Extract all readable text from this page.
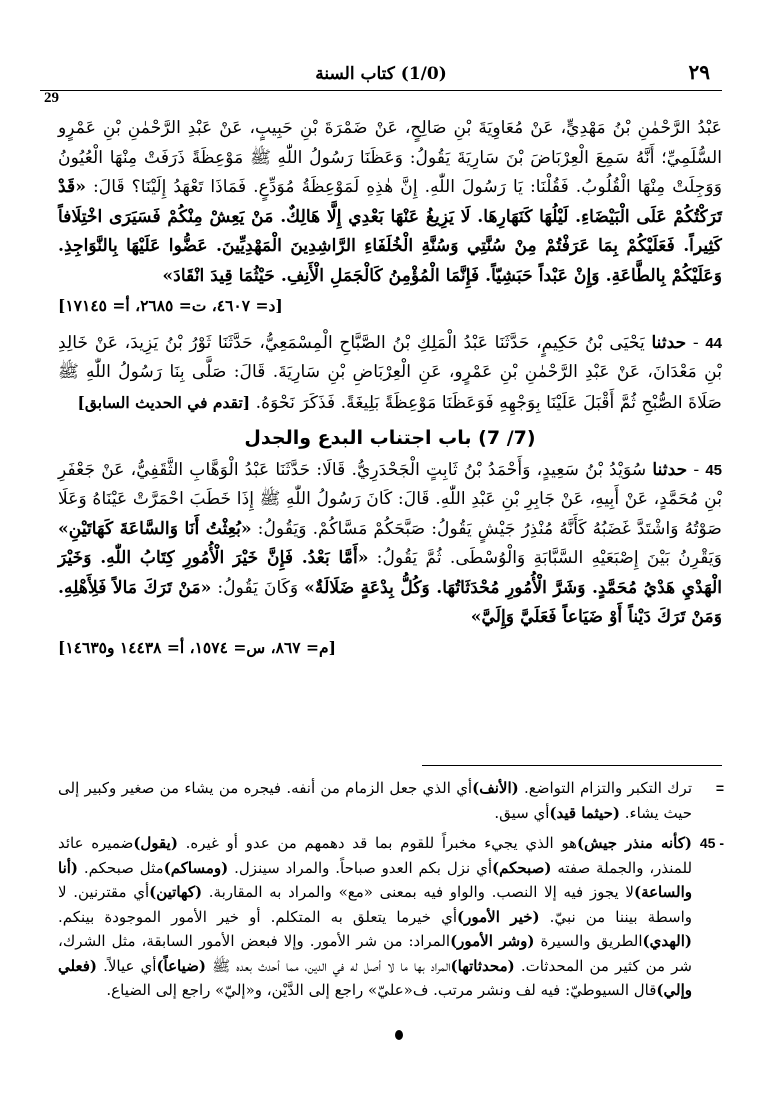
٢٩
(1/0) كتاب السنة
29

عَبْدُ الرَّحْمٰنِ بْنُ مَهْدِيٍّ، عَنْ مُعَاوِيَةَ بْنِ صَالِحٍ، عَنْ ضَمْرَةَ بْنِ حَبِيبٍ، عَنْ عَبْدِ الرَّحْمٰنِ بْنِ عَمْرٍو السُّلَمِيِّ؛ أَنَّهُ سَمِعَ الْعِرْبَاضَ بْنَ سَارِيَةَ يَقُولُ: وَعَظَنَا رَسُولُ اللّٰهِ ﷺ مَوْعِظَةً ذَرَفَتْ مِنْهَا الْعُيُونُ وَوَجِلَتْ مِنْهَا الْقُلُوبُ. فَقُلْنَا: يَا رَسُولَ اللّٰهِ. إِنَّ هٰذِهِ لَمَوْعِظَةُ مُوَدِّعٍ. فَمَاذَا تَعْهَدُ إِلَيْنَا؟ قَالَ: «قَدْ تَرَكْتُكُمْ عَلَى الْبَيْضَاءِ. لَيْلُهَا كَنَهَارِهَا. لَا يَزِيغُ عَنْهَا بَعْدِي إِلَّا هَالِكٌ. مَنْ يَعِشْ مِنْكُمْ فَسَيَرَى اخْتِلَافاً كَثِيراً. فَعَلَيْكُمْ بِمَا عَرَفْتُمْ مِنْ سُنَّتِي وَسُنَّةِ الْخُلَفَاءِ الرَّاشِدِينَ الْمَهْدِيِّينَ. عَضُّوا عَلَيْهَا بِالنَّوَاجِذِ. وَعَلَيْكُمْ بِالطَّاعَةِ. وَإِنْ عَبْداً حَبَشِيّاً. فَإِنَّمَا الْمُؤْمِنُ كَالْجَمَلِ الْأَنِفِ. حَيْثُمَا قِيدَ انْقَادَ»
[د= ٤٦٠٧، ت= ٢٦٨٥، أ= ١٧١٤٥]

44 - حدثنا يَحْيَى بْنُ حَكِيمٍ، حَدَّثَنَا عَبْدُ الْمَلِكِ بْنُ الصَّبَّاحِ الْمِسْمَعِيُّ، حَدَّثَنَا ثَوْرُ بْنُ يَزِيدَ، عَنْ خَالِدِ بْنِ مَعْدَانَ، عَنْ عَبْدِ الرَّحْمٰنِ بْنِ عَمْرٍو، عَنِ الْعِرْبَاضِ بْنِ سَارِيَةَ. قَالَ: صَلَّى بِنَا رَسُولُ اللّٰهِ ﷺ صَلَاةَ الصُّبْحِ ثُمَّ أَقْبَلَ عَلَيْنَا بِوَجْهِهِ فَوَعَظَنَا مَوْعِظَةً بَلِيغَةً. فَذَكَرَ نَحْوَهُ. [تقدم في الحديث السابق]

(7/ 7) باب اجتناب البدع والجدل

45 - حدثنا سُوَيْدُ بْنُ سَعِيدٍ، وَأَحْمَدُ بْنُ ثَابِتٍ الْجَحْدَرِيُّ. قَالَا: حَدَّثَنَا عَبْدُ الْوَهَّابِ الثَّقَفِيُّ، عَنْ جَعْفَرِ بْنِ مُحَمَّدٍ، عَنْ أَبِيهِ، عَنْ جَابِرِ بْنِ عَبْدِ اللّٰهِ. قَالَ: كَانَ رَسُولُ اللّٰهِ ﷺ إِذَا خَطَبَ احْمَرَّتْ عَيْنَاهُ وَعَلَا صَوْتُهُ وَاشْتَدَّ غَضَبُهُ كَأَنَّهُ مُنْذِرُ جَيْشٍ يَقُولُ: صَبَّحَكُمْ مَسَّاكُمْ. وَيَقُولُ: «بُعِثْتُ أَنَا وَالسَّاعَةَ كَهَاتَيْنِ» وَيَقْرِنُ بَيْنَ إِصْبَعَيْهِ السَّبَّابَةِ وَالْوُسْطَى. ثُمَّ يَقُولُ: «أَمَّا بَعْدُ. فَإِنَّ خَيْرَ الْأُمُورِ كِتَابُ اللّٰهِ. وَخَيْرَ الْهَدْيِ هَدْيُ مُحَمَّدٍ. وَشَرَّ الْأُمُورِ مُحْدَثَاتُهَا. وَكُلُّ بِدْعَةٍ ضَلَالَةٌ» وَكَانَ يَقُولُ: «مَنْ تَرَكَ مَالاً فَلِأَهْلِهِ. وَمَنْ تَرَكَ دَيْناً أَوْ ضَيَاعاً فَعَلَيَّ وَإِلَيَّ»
[م= ٨٦٧، س= ١٥٧٤، أ= ١٤٤٣٨ و١٤٦٣٥]

=
ترك التكبر والتزام التواضع. (الأنف)أي الذي جعل الزمام من أنفه. فيجره من يشاء من صغير وكبير إلى حيث يشاء. (حيثما قيد)أي سيق.
45 -
(كأنه منذر جيش)هو الذي يجيء مخبراً للقوم بما قد دهمهم من عدو أو غيره. (يقول)ضميره عائد للمنذر، والجملة صفته (صبحكم)أي نزل بكم العدو صباحاً. والمراد سينزل. (ومساكم)مثل صبحكم. (أنا والساعة)لا يجوز فيه إلا النصب. والواو فيه بمعنى «مع» والمراد به المقاربة. (كهاتين)أي مقترنين. لا واسطة بيننا من نبيّ. (خير الأمور)أي خيرما يتعلق به المتكلم. أو خير الأمور الموجودة بينكم. (الهدي)الطريق والسيرة (وشر الأمور)المراد: من شر الأمور. وإلا فبعض الأمور السابقة، مثل الشرك، شر من كثير من المحدثات. (محدثاتها)المراد بها ما لا أصل له في الدين، مما أحدث بعده ﷺ (ضياعاً)أي عيالاً. (فعلي وإلي)قال السيوطيّ: فيه لف ونشر مرتب. ف«عليّ» راجع إلى الدَّيْن، و«إليّ» راجع إلى الضياع.
